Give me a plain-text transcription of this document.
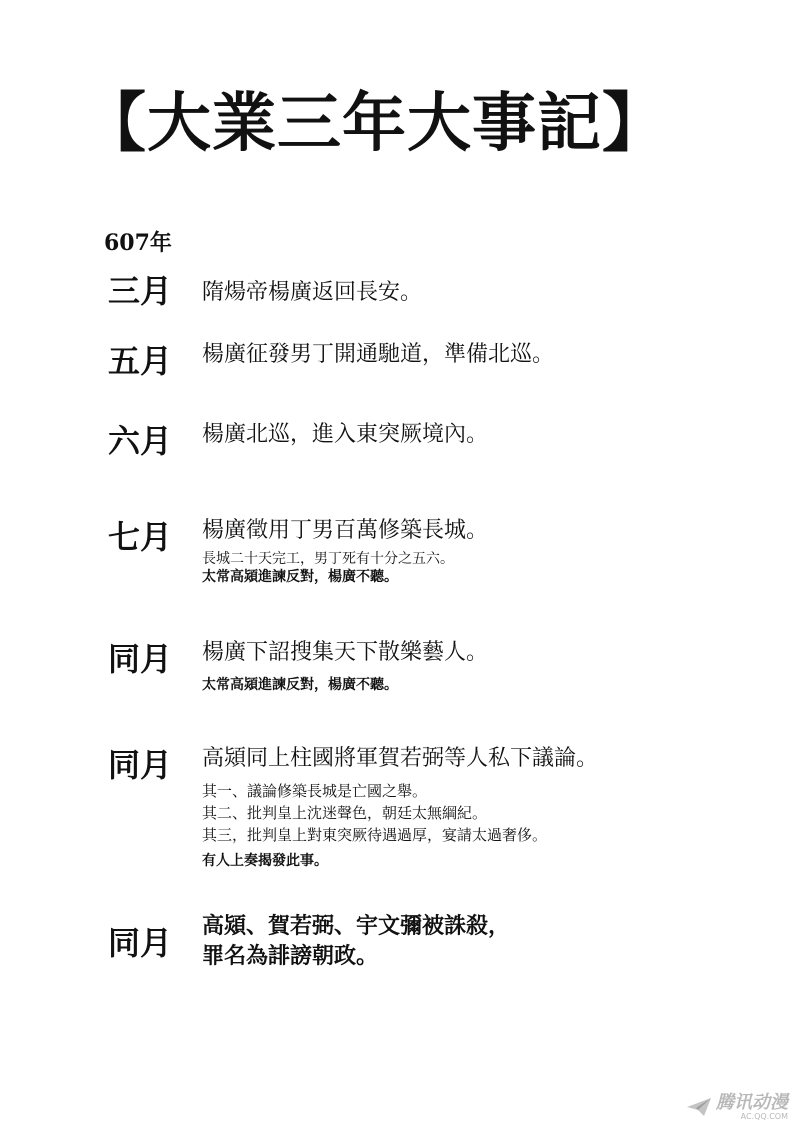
【大業三年大事記】
607年
三月 隋煬帝楊廣返回長安。
五月 楊廣征發男丁開通馳道，準備北巡。
六月 楊廣北巡，進入東突厥境內。
七月 楊廣徵用丁男百萬修築長城。
長城二十天完工，男丁死有十分之五六。
太常高熲進諫反對，楊廣不聽。
同月 楊廣下詔搜集天下散樂藝人。
太常高熲進諫反對，楊廣不聽。
同月 高熲同上柱國將軍賀若弼等人私下議論。
其一、議論修築長城是亡國之舉。
其二、批判皇上沈迷聲色，朝廷太無綱紀。
其三，批判皇上對東突厥待遇過厚，宴請太過奢侈。
有人上奏揭發此事。
同月 高熲、賀若弼、宇文彌被誅殺，
罪名為誹謗朝政。
腾讯动漫
AC.QQ.COM
